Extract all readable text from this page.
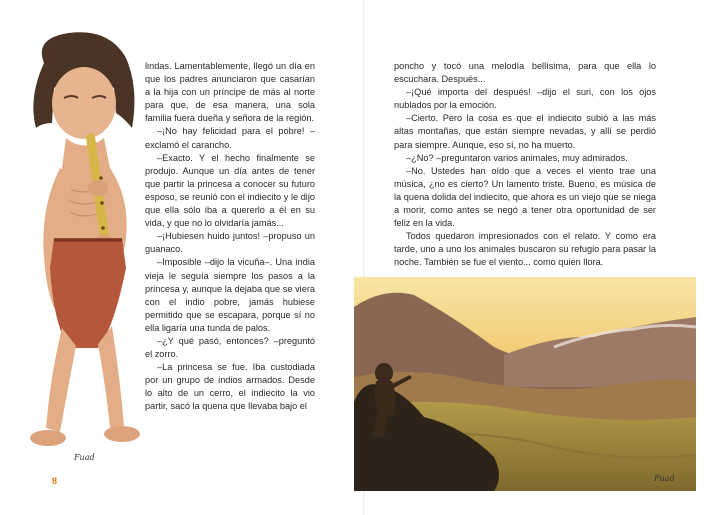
Fuad

lindas. Lamentablemente, llegó un día en que los padres anunciaron que casarían a la hija con un príncipe de más al norte para que, de esa manera, una sola familia fuera dueña y señora de la región.

–¡No hay felicidad para el pobre! –exclamó el carancho.

–Exacto. Y el hecho finalmente se produjo. Aunque un día antes de tener que partir la princesa a conocer su futuro esposo, se reunió con el indiecito y le dijo que ella sólo iba a quererlo a él en su vida, y que no lo olvidaría jamás...

–¡Hubiesen huido juntos! –propuso un guanaco.

–Imposible –dijo la vicuña–. Una india vieja le seguía siempre los pasos a la princesa y, aunque la dejaba que se viera con el indio pobre, jamás hubiese permitido que se escapara, porque sí no ella ligaría una tunda de palos.

–¿Y qué pasó, entonces? –preguntó el zorro.

–La princesa se fue. Iba custodiada por un grupo de indios armados. Desde lo alto de un cerro, el indiecito la vio partir, sacó la quena que llevaba bajo el

8

poncho y tocó una melodía bellísima, para que ella lo escuchara. Después...

–¡Qué importa del después! –dijo el suri, con los ojos nublados por la emoción.

–Cierto. Pero la cosa es que el indiecito subió a las más altas montañas, que están siempre nevadas, y allí se perdió para siempre. Aunque, eso sí, no ha muerto.

–¿No? –preguntaron varios animales, muy admirados.

–No. Ustedes han oído que a veces el viento trae una música, ¿no es cierto? Un lamento triste. Bueno, es música de la quena dolida del indiecito, que ahora es un viejo que se niega a morir, como antes se negó a tener otra oportunidad de ser feliz en la vida.

Todos quedaron impresionados con el relato. Y como era tarde, uno a uno los animales buscaron su refugio para pasar la noche. También se fue el viento... como quien llora.

Fuad
